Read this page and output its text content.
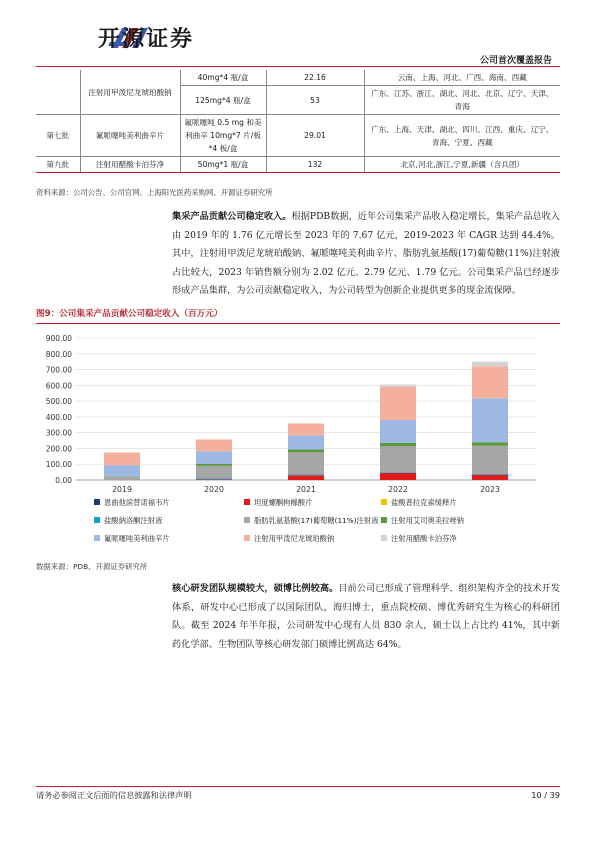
开源证券
公司首次覆盖报告
	注射用甲泼尼龙琥珀酸钠	40mg*4 瓶/盒	22.16	云南、上海、河北、广西、海南、西藏
		125mg*4 瓶/盒	53	广东、江苏、浙江、湖北、河北、北京、辽宁、天津、青海
第七批	氟哌噻吨美利曲辛片	氟哌噻吨 0.5 mg 和美利曲辛 10mg*7 片/板*4 板/盒	29.01	广东、上海、天津、湖北、四川、江西、重庆、辽宁、青海、宁夏、西藏
第九批	注射用醋酸卡泊芬净	50mg*1 瓶/盒	132	北京,河北,浙江,宁夏,新疆（含兵团）
资料来源：公司公告、公司官网、上海阳光医药采购网、开源证券研究所
集采产品贡献公司稳定收入。根据PDB数据，近年公司集采产品收入稳定增长，集采产品总收入由 2019 年的 1.76 亿元增长至 2023 年的 7.67 亿元，2019-2023 年 CAGR 达到 44.4%。其中，注射用甲泼尼龙琥珀酸钠、氟哌噻吨美利曲辛片、脂肪乳氨基酸(17)葡萄糖(11%)注射液占比较大，2023 年销售额分别为 2.02 亿元、2.79 亿元、1.79 亿元。公司集采产品已经逐步形成产品集群，为公司贡献稳定收入，为公司转型为创新企业提供更多的现金流保障。
图9：公司集采产品贡献公司稳定收入（百万元）
0.00
100.00
200.00
300.00
400.00
500.00
600.00
700.00
800.00
900.00
2019	2020	2021	2022	2023
恩曲他滨替诺福韦片	坦度螺酮枸橼酸片	盐酸普拉克索缓释片
盐酸納洛酮注射液	脂肪乳氨基酸(17)葡萄糖(11%)注射液 注射用艾司奥美拉唑钠
氟哌噻吨美利曲辛片	注射用甲泼尼龙琥珀酸钠	注射用醋酸卡泊芬净
数据来源：PDB、开源证券研究所
核心研发团队规模较大，硕博比例较高。目前公司已形成了管理科学、组织架构齐全的技术开发体系，研发中心已形成了以国际团队，海归博士，重点院校硕、博优秀研究生为核心的科研团队。截至 2024 年半年报，公司研发中心现有人员 830 余人，硕士以上占比约 41%，其中新药化学部、生物团队等核心研发部门硕博比例高达 64%。
请务必参阅正文后面的信息披露和法律声明	10 / 39
